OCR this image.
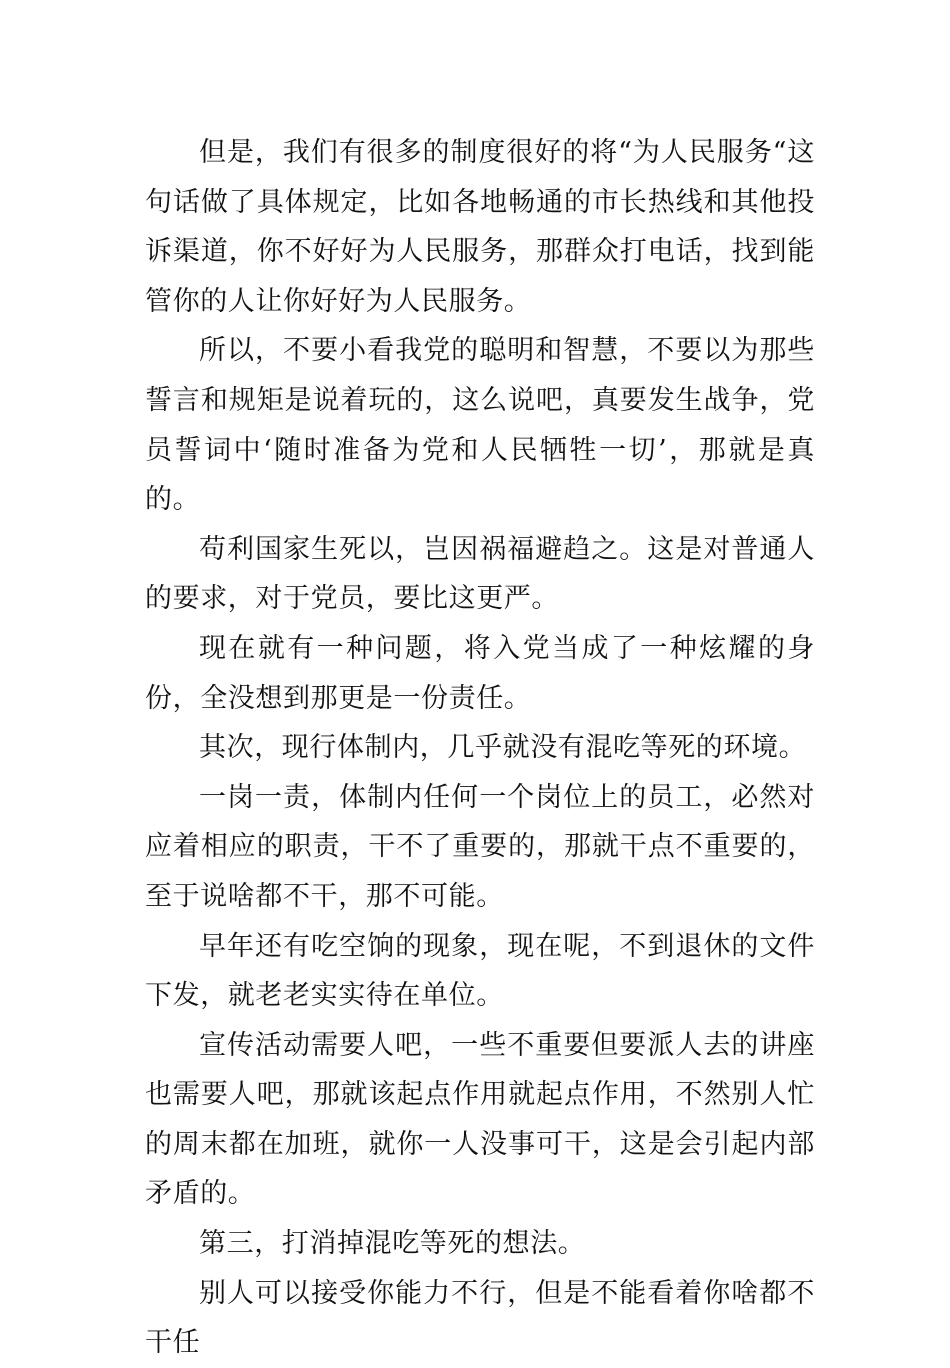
但是，我们有很多的制度很好的将“为人民服务“这句话做了具体规定，比如各地畅通的市长热线和其他投诉渠道，你不好好为人民服务，那群众打电话，找到能管你的人让你好好为人民服务。

所以，不要小看我党的聪明和智慧，不要以为那些誓言和规矩是说着玩的，这么说吧，真要发生战争，党员誓词中‘随时准备为党和人民牺牲一切’，那就是真的。

苟利国家生死以，岂因祸福避趋之。这是对普通人的要求，对于党员，要比这更严。

现在就有一种问题，将入党当成了一种炫耀的身份，全没想到那更是一份责任。

其次，现行体制内，几乎就没有混吃等死的环境。

一岗一责，体制内任何一个岗位上的员工，必然对应着相应的职责，干不了重要的，那就干点不重要的，至于说啥都不干，那不可能。

早年还有吃空饷的现象，现在呢，不到退休的文件下发，就老老实实待在单位。

宣传活动需要人吧，一些不重要但要派人去的讲座也需要人吧，那就该起点作用就起点作用，不然别人忙的周末都在加班，就你一人没事可干，这是会引起内部矛盾的。

第三，打消掉混吃等死的想法。

别人可以接受你能力不行，但是不能看着你啥都不干任
